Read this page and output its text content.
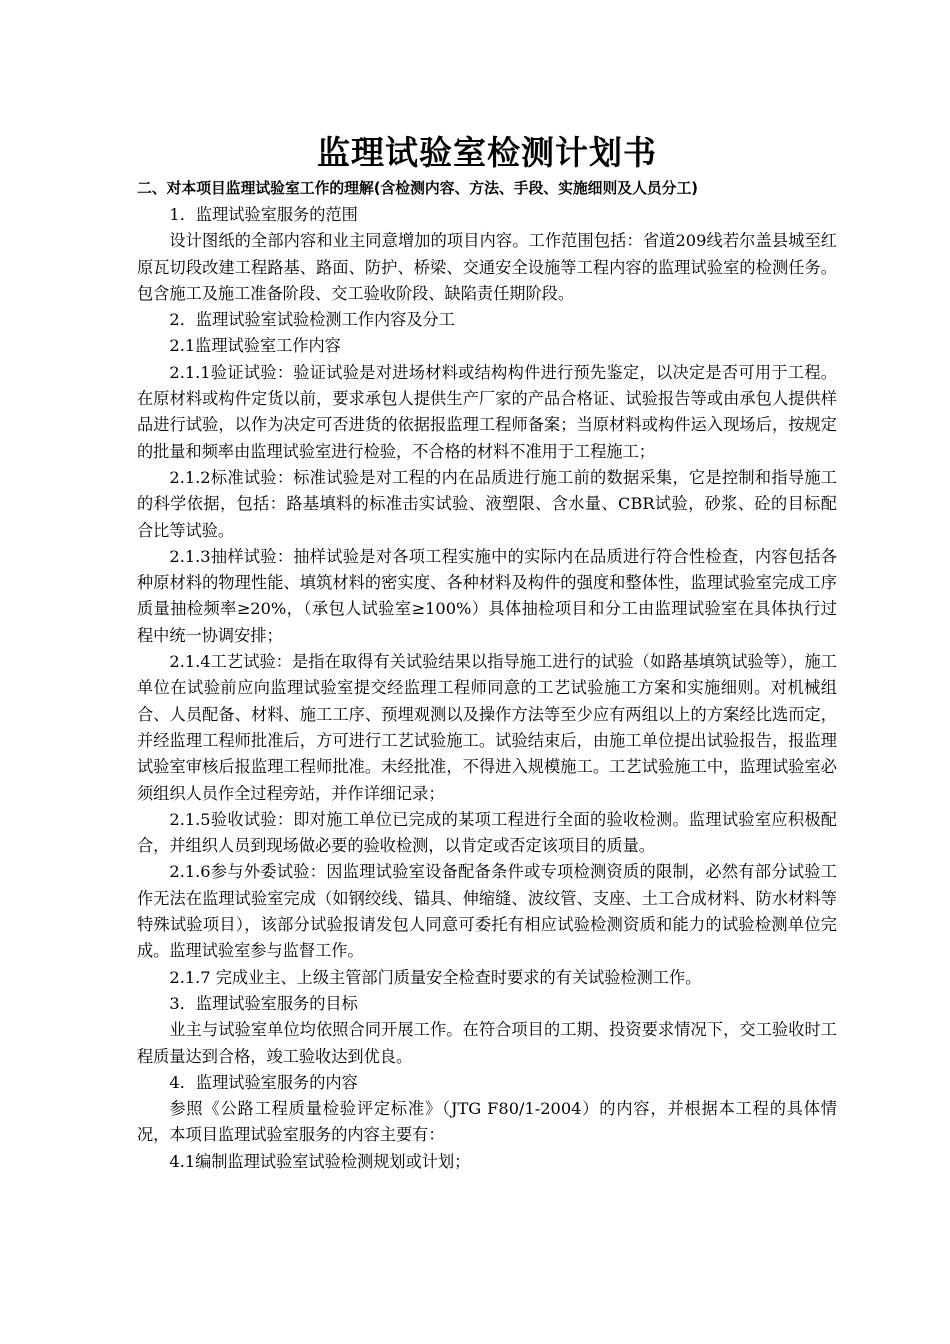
监理试验室检测计划书

二、对本项目监理试验室工作的理解(含检测内容、方法、手段、实施细则及人员分工)

1．监理试验室服务的范围

设计图纸的全部内容和业主同意增加的项目内容。工作范围包括：省道209线若尔盖县城至红原瓦切段改建工程路基、路面、防护、桥梁、交通安全设施等工程内容的监理试验室的检测任务。包含施工及施工准备阶段、交工验收阶段、缺陷责任期阶段。

2．监理试验室试验检测工作内容及分工

2.1监理试验室工作内容

2.1.1验证试验：验证试验是对进场材料或结构构件进行预先鉴定，以决定是否可用于工程。在原材料或构件定货以前，要求承包人提供生产厂家的产品合格证、试验报告等或由承包人提供样品进行试验，以作为决定可否进货的依据报监理工程师备案；当原材料或构件运入现场后，按规定的批量和频率由监理试验室进行检验，不合格的材料不准用于工程施工；

2.1.2标准试验：标准试验是对工程的内在品质进行施工前的数据采集，它是控制和指导施工的科学依据，包括：路基填料的标准击实试验、液塑限、含水量、CBR试验，砂浆、砼的目标配合比等试验。

2.1.3抽样试验：抽样试验是对各项工程实施中的实际内在品质进行符合性检查，内容包括各种原材料的物理性能、填筑材料的密实度、各种材料及构件的强度和整体性，监理试验室完成工序质量抽检频率≥20%，（承包人试验室≥100%）具体抽检项目和分工由监理试验室在具体执行过程中统一协调安排；

2.1.4工艺试验：是指在取得有关试验结果以指导施工进行的试验（如路基填筑试验等），施工单位在试验前应向监理试验室提交经监理工程师同意的工艺试验施工方案和实施细则。对机械组合、人员配备、材料、施工工序、预埋观测以及操作方法等至少应有两组以上的方案经比选而定，并经监理工程师批准后，方可进行工艺试验施工。试验结束后，由施工单位提出试验报告，报监理试验室审核后报监理工程师批准。未经批准，不得进入规模施工。工艺试验施工中，监理试验室必须组织人员作全过程旁站，并作详细记录；

2.1.5验收试验：即对施工单位已完成的某项工程进行全面的验收检测。监理试验室应积极配合，并组织人员到现场做必要的验收检测，以肯定或否定该项目的质量。

2.1.6参与外委试验：因监理试验室设备配备条件或专项检测资质的限制，必然有部分试验工作无法在监理试验室完成（如钢绞线、锚具、伸缩缝、波纹管、支座、土工合成材料、防水材料等特殊试验项目），该部分试验报请发包人同意可委托有相应试验检测资质和能力的试验检测单位完成。监理试验室参与监督工作。

2.1.7 完成业主、上级主管部门质量安全检查时要求的有关试验检测工作。

3．监理试验室服务的目标

业主与试验室单位均依照合同开展工作。在符合项目的工期、投资要求情况下，交工验收时工程质量达到合格，竣工验收达到优良。

4．监理试验室服务的内容

参照《公路工程质量检验评定标准》（JTG F80/1-2004）的内容，并根据本工程的具体情况，本项目监理试验室服务的内容主要有：

4.1编制监理试验室试验检测规划或计划；
